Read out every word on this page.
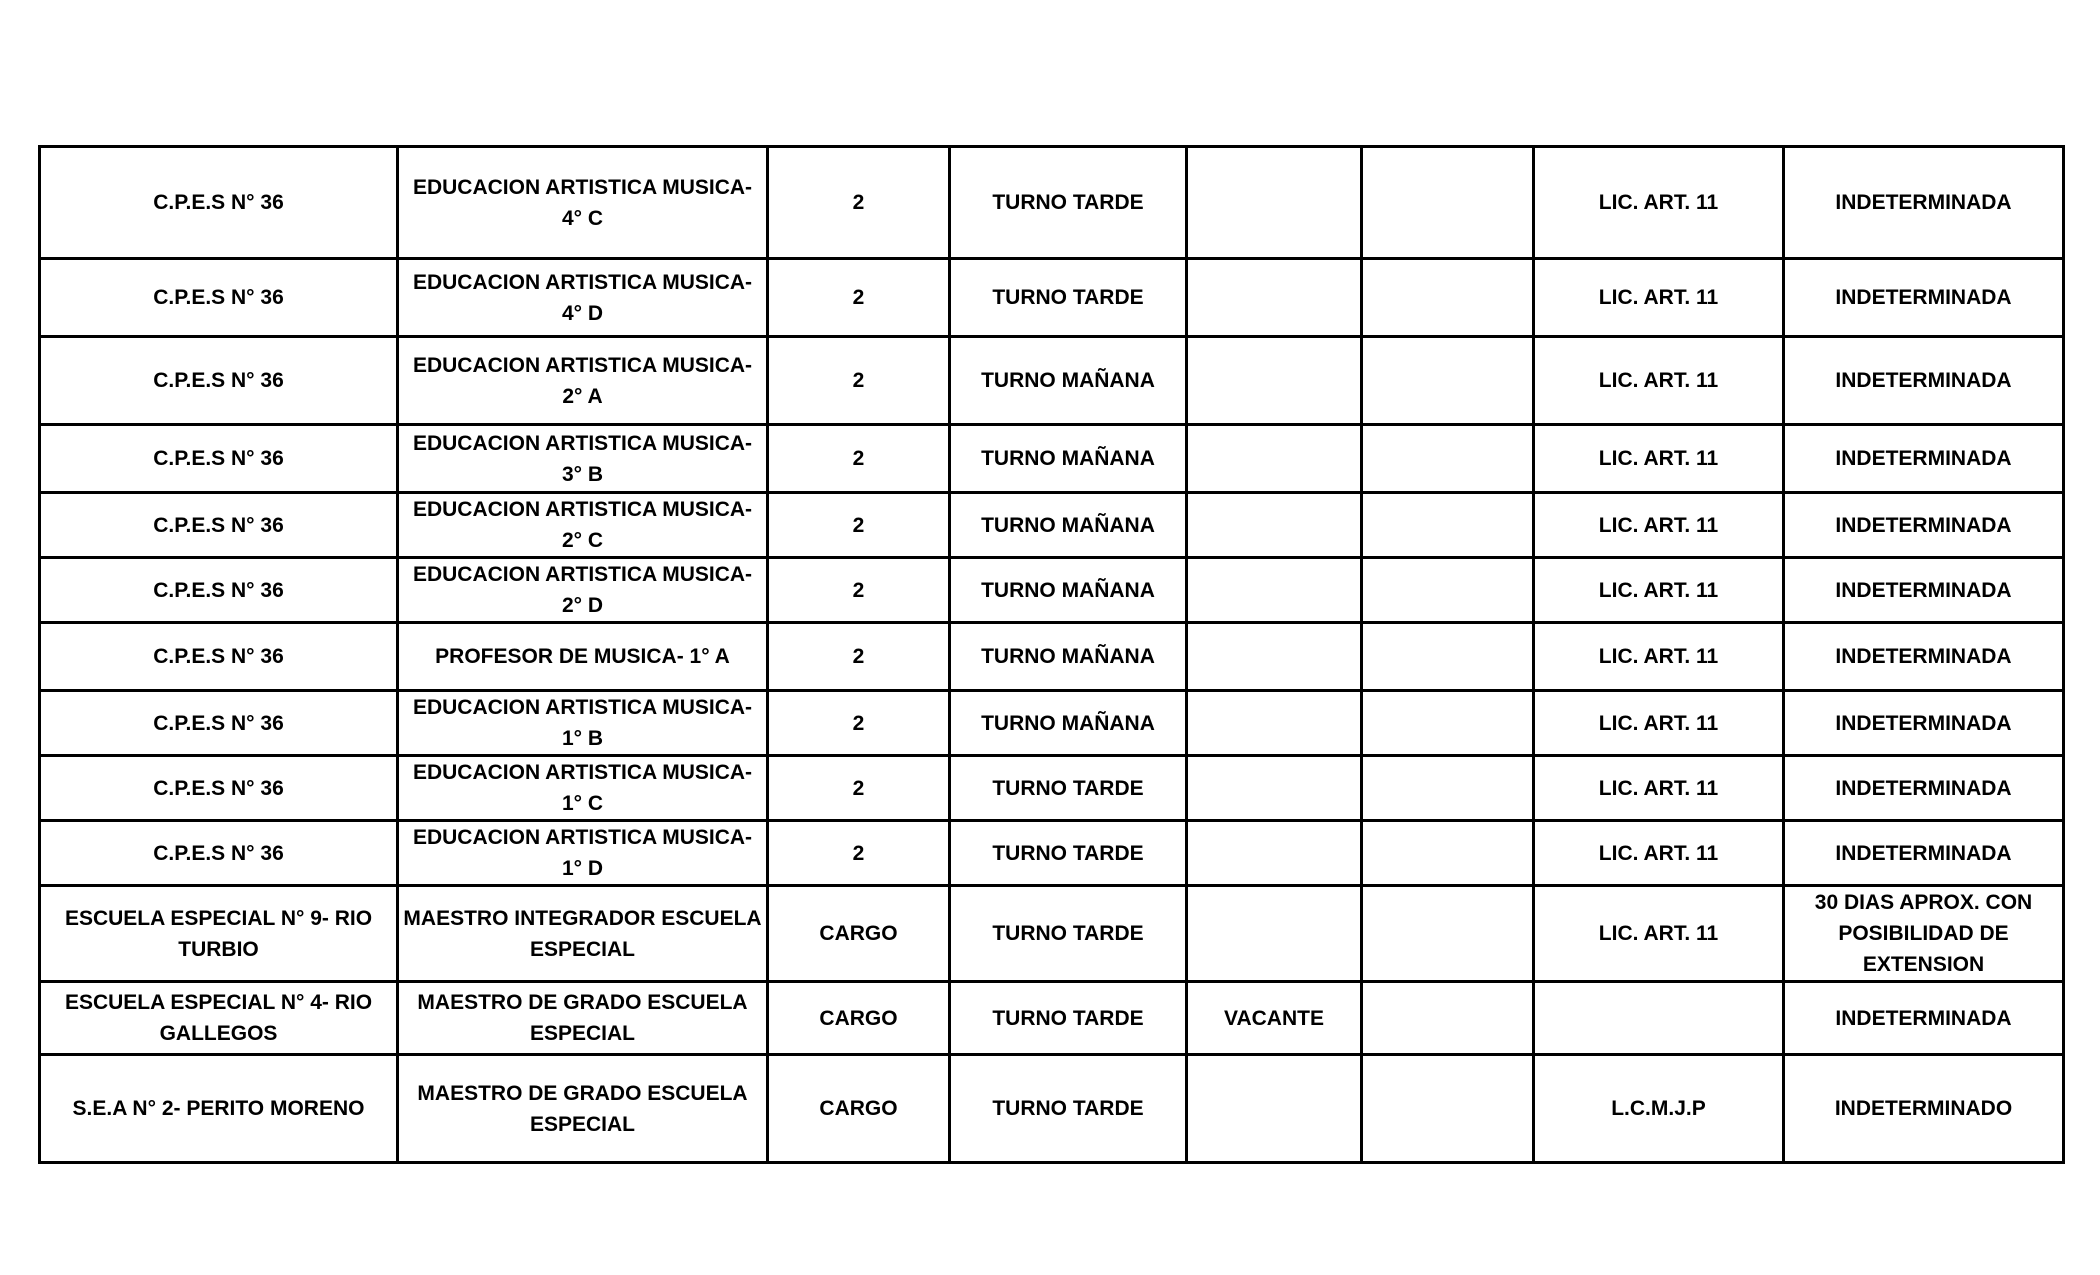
C.P.E.S N° 36	EDUCACION ARTISTICA MUSICA- 4° C	2	TURNO TARDE			LIC. ART. 11	INDETERMINADA
C.P.E.S N° 36	EDUCACION ARTISTICA MUSICA- 4° D	2	TURNO TARDE			LIC. ART. 11	INDETERMINADA
C.P.E.S N° 36	EDUCACION ARTISTICA MUSICA- 2° A	2	TURNO MAÑANA			LIC. ART. 11	INDETERMINADA
C.P.E.S N° 36	EDUCACION ARTISTICA MUSICA- 3° B	2	TURNO MAÑANA			LIC. ART. 11	INDETERMINADA
C.P.E.S N° 36	EDUCACION ARTISTICA MUSICA- 2° C	2	TURNO MAÑANA			LIC. ART. 11	INDETERMINADA
C.P.E.S N° 36	EDUCACION ARTISTICA MUSICA- 2° D	2	TURNO MAÑANA			LIC. ART. 11	INDETERMINADA
C.P.E.S N° 36	PROFESOR DE MUSICA- 1° A	2	TURNO MAÑANA			LIC. ART. 11	INDETERMINADA
C.P.E.S N° 36	EDUCACION ARTISTICA MUSICA- 1° B	2	TURNO MAÑANA			LIC. ART. 11	INDETERMINADA
C.P.E.S N° 36	EDUCACION ARTISTICA MUSICA- 1° C	2	TURNO TARDE			LIC. ART. 11	INDETERMINADA
C.P.E.S N° 36	EDUCACION ARTISTICA MUSICA- 1° D	2	TURNO TARDE			LIC. ART. 11	INDETERMINADA
ESCUELA ESPECIAL N° 9- RIO TURBIO	MAESTRO INTEGRADOR ESCUELA ESPECIAL	CARGO	TURNO TARDE			LIC. ART. 11	30 DIAS APROX. CON POSIBILIDAD DE EXTENSION
ESCUELA ESPECIAL N° 4- RIO GALLEGOS	MAESTRO DE GRADO ESCUELA ESPECIAL	CARGO	TURNO TARDE	VACANTE			INDETERMINADA
S.E.A N° 2- PERITO MORENO	MAESTRO DE GRADO ESCUELA ESPECIAL	CARGO	TURNO TARDE			L.C.M.J.P	INDETERMINADO
